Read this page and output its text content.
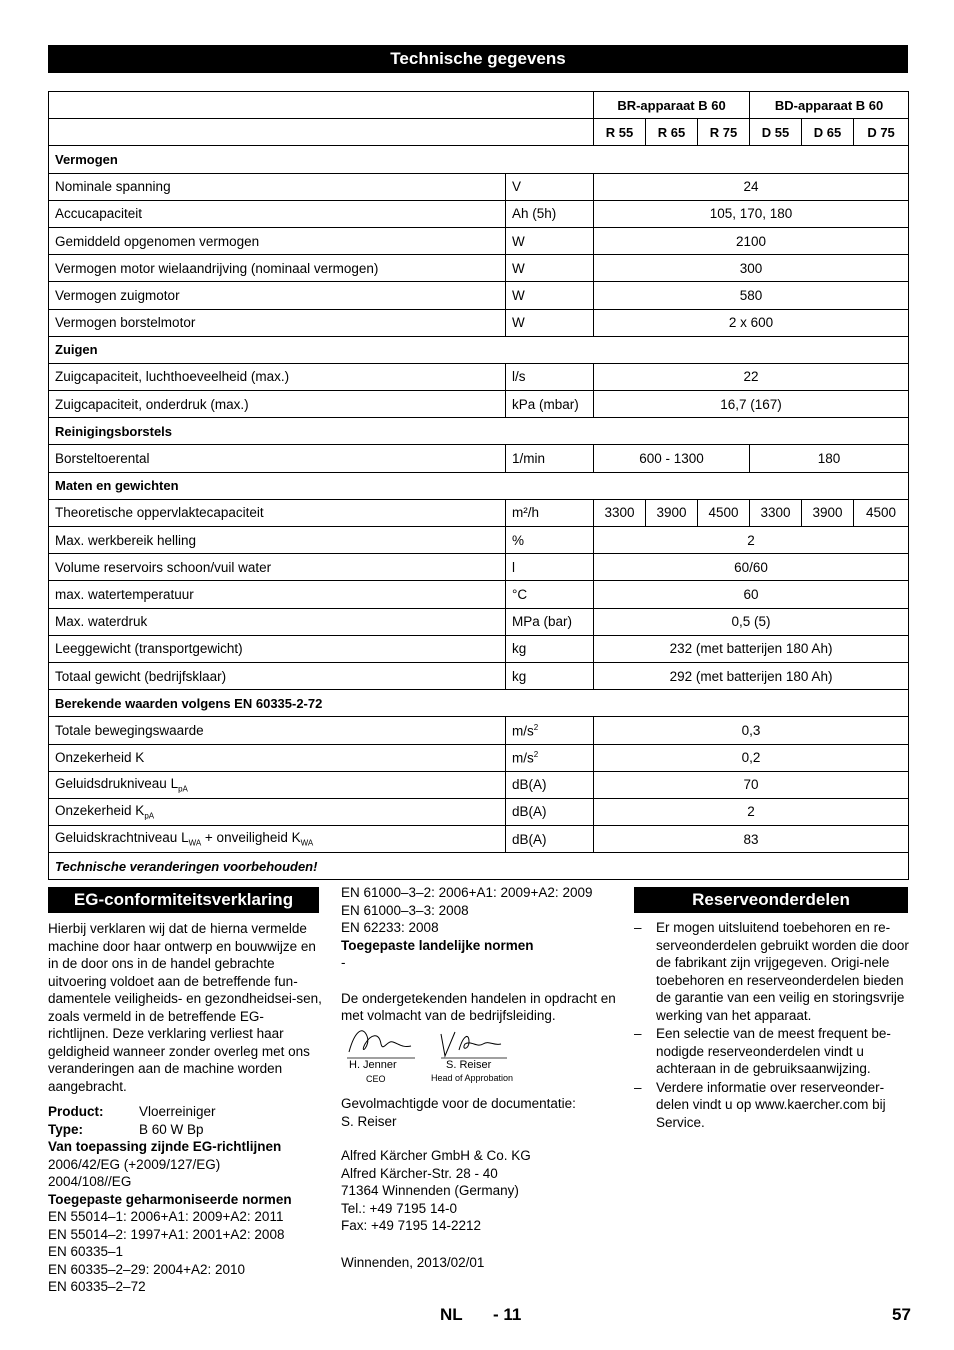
Technische gegevens
		BR-apparaat B 60			BD-apparaat B 60		
		R 55	R 65	R 75	D 55	D 65	D 75
Vermogen							
Nominale spanning	V	24					
Accucapaciteit	Ah (5h)	105, 170, 180					
Gemiddeld opgenomen vermogen	W	2100					
Vermogen motor wielaandrijving (nominaal vermogen)	W	300					
Vermogen zuigmotor	W	580					
Vermogen borstelmotor	W	2 x 600					
Zuigen							
Zuigcapaciteit, luchthoeveelheid (max.)	l/s	22					
Zuigcapaciteit, onderdruk (max.)	kPa (mbar)	16,7 (167)					
Reinigingsborstels							
Borsteltoerental	1/min	600 - 1300			180		
Maten en gewichten							
Theoretische oppervlaktecapaciteit	m²/h	3300	3900	4500	3300	3900	4500
Max. werkbereik helling	%	2					
Volume reservoirs schoon/vuil water	l	60/60					
max. watertemperatuur	°C	60					
Max. waterdruk	MPa (bar)	0,5 (5)					
Leeggewicht (transportgewicht)	kg	232 (met batterijen 180 Ah)					
Totaal gewicht (bedrijfsklaar)	kg	292 (met batterijen 180 Ah)					
Berekende waarden volgens EN 60335-2-72							
Totale bewegingswaarde	$m/s^2$	0,3					
Onzekerheid K	$m/s^2$	0,2					
Geluidsdrukniveau $L_{pA}$	dB(A)	70					
Onzekerheid $K_{pA}$	dB(A)	2					
Geluidskrachtniveau $L_{WA}$ + onveiligheid $K_{WA}$	dB(A)	83					
Technische veranderingen voorbehouden!							
EG-conformiteitsverklaring
Hierbij verklaren wij dat de hierna vermelde machine door haar ontwerp en bouwwijze en in de door ons in de handel gebrachte uitvoering voldoet aan de betreffende fun-damentele veiligheids- en gezondheidsei-sen, zoals vermeld in de betreffende EG-richtlijnen. Deze verklaring verliest haar geldigheid wanneer zonder overleg met ons veranderingen aan de machine worden aangebracht.
Product:	Vloerreiniger
Type:	B 60 W Bp
Van toepassing zijnde EG-richtlijnen
2006/42/EG (+2009/127/EG)
2004/108//EG
Toegepaste geharmoniseerde normen
EN 55014–1: 2006+A1: 2009+A2: 2011
EN 55014–2: 1997+A1: 2001+A2: 2008
EN 60335–1
EN 60335–2–29: 2004+A2: 2010
EN 60335–2–72
EN 61000–3–2: 2006+A1: 2009+A2: 2009
EN 61000–3–3: 2008
EN 62233: 2008
Toegepaste landelijke normen
-
De ondergetekenden handelen in opdracht en met volmacht van de bedrijfsleiding.
H. Jenner
CEO
S. Reiser
Head of Approbation
Gevolmachtigde voor de documentatie:
S. Reiser
Alfred Kärcher GmbH & Co. KG
Alfred Kärcher-Str. 28 - 40
71364 Winnenden (Germany)
Tel.: +49 7195 14-0
Fax: +49 7195 14-2212
Winnenden, 2013/02/01
Reserveonderdelen
– Er mogen uitsluitend toebehoren en re-serveonderdelen gebruikt worden die door de fabrikant zijn vrijgegeven. Origi-nele toebehoren en reserveonderdelen bieden de garantie van een veilig en storingsvrije werking van het apparaat.
– Een selectie van de meest frequent be-nodigde reserveonderdelen vindt u achteraan in de gebruiksaanwijzing.
– Verdere informatie over reserveonder-delen vindt u op www.kaercher.com bij Service.
NL - 11	57
